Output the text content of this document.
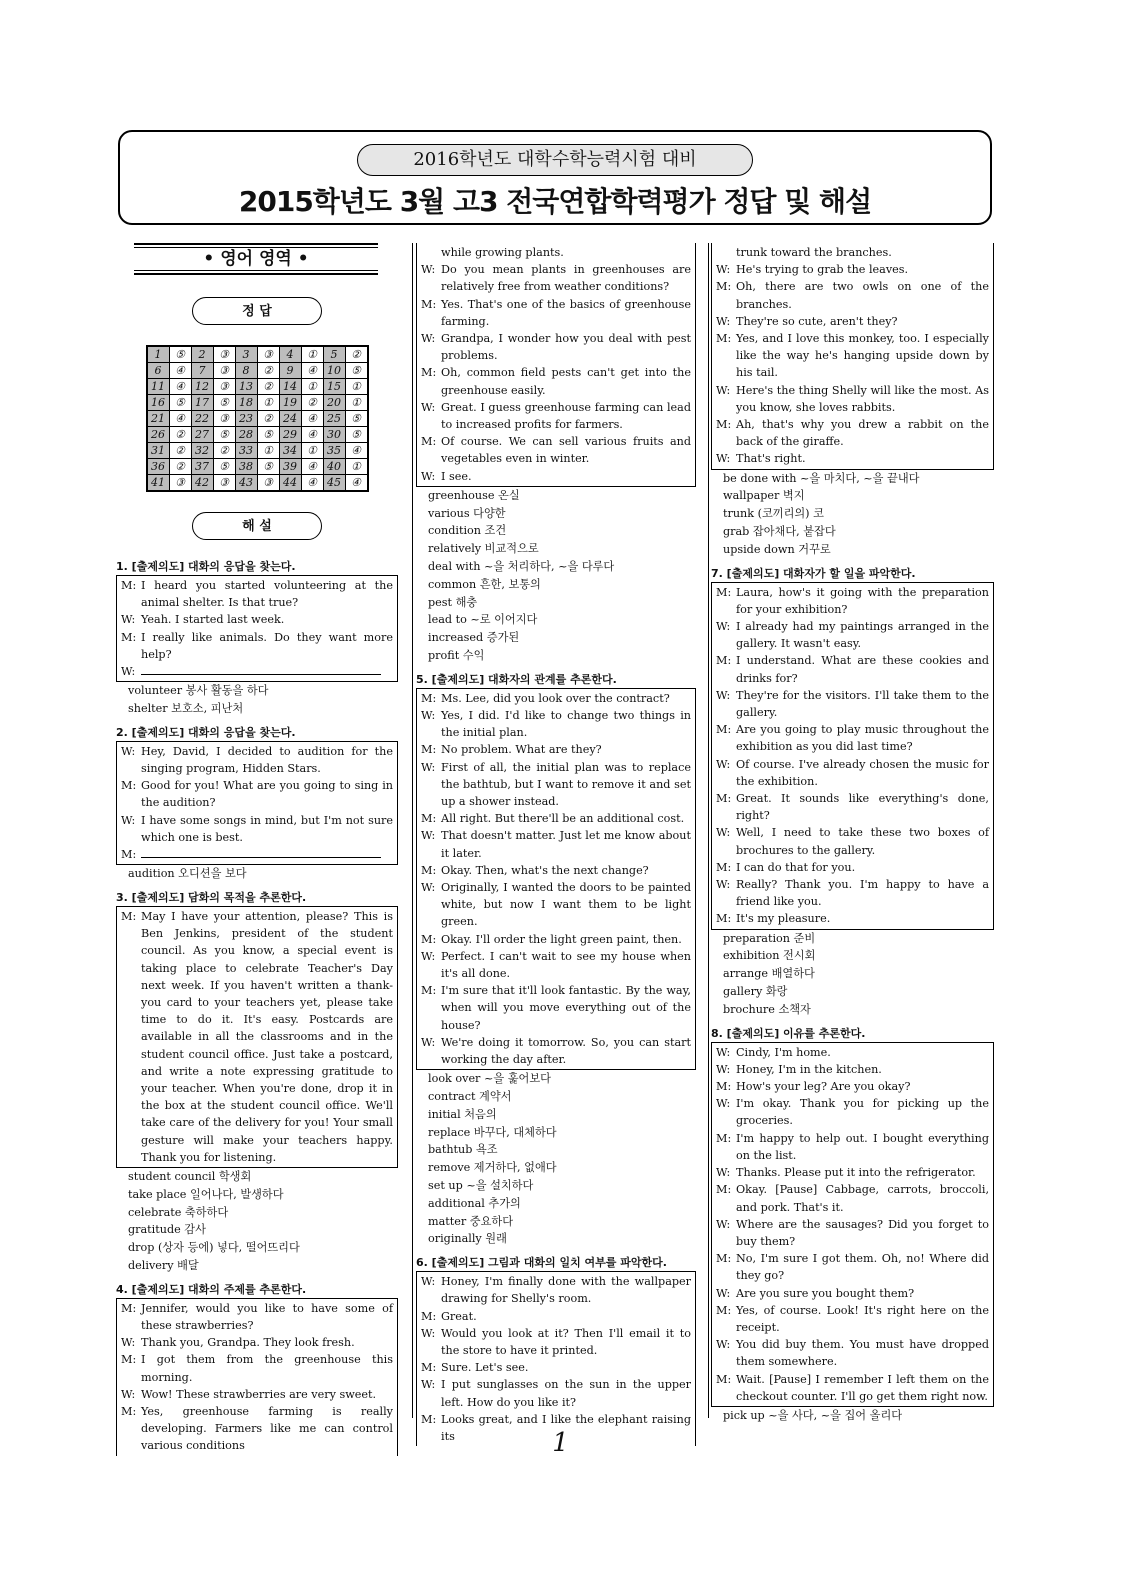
2016학년도 대학수학능력시험 대비
2015학년도 3월 고3 전국연합학력평가 정답 및 해설
• 영어 영역 •
정 답
1	⑤	2	③	3	③	4	①	5	②
6	④	7	③	8	②	9	④	10	⑤
11	④	12	③	13	②	14	①	15	①
16	⑤	17	⑤	18	①	19	②	20	①
21	④	22	③	23	②	24	④	25	⑤
26	②	27	⑤	28	⑤	29	④	30	⑤
31	②	32	②	33	①	34	①	35	④
36	②	37	⑤	38	⑤	39	④	40	①
41	③	42	③	43	③	44	④	45	④
해 설
1. [출제의도] 대화의 응답을 찾는다.
M: I heard you started volunteering at the animal shelter. Is that true?
W: Yeah. I started last week.
M: I really like animals. Do they want more help?
W:
volunteer 봉사 활동을 하다
shelter 보호소, 피난처
2. [출제의도] 대화의 응답을 찾는다.
W: Hey, David, I decided to audition for the singing program, Hidden Stars.
M: Good for you! What are you going to sing in the audition?
W: I have some songs in mind, but I'm not sure which one is best.
M:
audition 오디션을 보다
3. [출제의도] 담화의 목적을 추론한다.
M: May I have your attention, please? This is Ben Jenkins, president of the student council. As you know, a special event is taking place to celebrate Teacher's Day next week. If you haven't written a thank-you card to your teachers yet, please take time to do it. It's easy. Postcards are available in all the classrooms and in the student council office. Just take a postcard, and write a note expressing gratitude to your teacher. When you're done, drop it in the box at the student council office. We'll take care of the delivery for you! Your small gesture will make your teachers happy. Thank you for listening.
student council 학생회
take place 일어나다, 발생하다
celebrate 축하하다
gratitude 감사
drop (상자 등에) 넣다, 떨어뜨리다
delivery 배달
4. [출제의도] 대화의 주제를 추론한다.
M: Jennifer, would you like to have some of these strawberries?
W: Thank you, Grandpa. They look fresh.
M: I got them from the greenhouse this morning.
W: Wow! These strawberries are very sweet.
M: Yes, greenhouse farming is really developing. Farmers like me can control various conditions
while growing plants.
W: Do you mean plants in greenhouses are relatively free from weather conditions?
M: Yes. That's one of the basics of greenhouse farming.
W: Grandpa, I wonder how you deal with pest problems.
M: Oh, common field pests can't get into the greenhouse easily.
W: Great. I guess greenhouse farming can lead to increased profits for farmers.
M: Of course. We can sell various fruits and vegetables even in winter.
W: I see.
greenhouse 온실
various 다양한
condition 조건
relatively 비교적으로
deal with ~을 처리하다, ~을 다루다
common 흔한, 보통의
pest 해충
lead to ~로 이어지다
increased 증가된
profit 수익
5. [출제의도] 대화자의 관계를 추론한다.
M: Ms. Lee, did you look over the contract?
W: Yes, I did. I'd like to change two things in the initial plan.
M: No problem. What are they?
W: First of all, the initial plan was to replace the bathtub, but I want to remove it and set up a shower instead.
M: All right. But there'll be an additional cost.
W: That doesn't matter. Just let me know about it later.
M: Okay. Then, what's the next change?
W: Originally, I wanted the doors to be painted white, but now I want them to be light green.
M: Okay. I'll order the light green paint, then.
W: Perfect. I can't wait to see my house when it's all done.
M: I'm sure that it'll look fantastic. By the way, when will you move everything out of the house?
W: We're doing it tomorrow. So, you can start working the day after.
look over ~을 훑어보다
contract 계약서
initial 처음의
replace 바꾸다, 대체하다
bathtub 욕조
remove 제거하다, 없애다
set up ~을 설치하다
additional 추가의
matter 중요하다
originally 원래
6. [출제의도] 그림과 대화의 일치 여부를 파악한다.
W: Honey, I'm finally done with the wallpaper drawing for Shelly's room.
M: Great.
W: Would you look at it? Then I'll email it to the store to have it printed.
M: Sure. Let's see.
W: I put sunglasses on the sun in the upper left. How do you like it?
M: Looks great, and I like the elephant raising its
trunk toward the branches.
W: He's trying to grab the leaves.
M: Oh, there are two owls on one of the branches.
W: They're so cute, aren't they?
M: Yes, and I love this monkey, too. I especially like the way he's hanging upside down by his tail.
W: Here's the thing Shelly will like the most. As you know, she loves rabbits.
M: Ah, that's why you drew a rabbit on the back of the giraffe.
W: That's right.
be done with ~을 마치다, ~을 끝내다
wallpaper 벽지
trunk (코끼리의) 코
grab 잡아채다, 붙잡다
upside down 거꾸로
7. [출제의도] 대화자가 할 일을 파악한다.
M: Laura, how's it going with the preparation for your exhibition?
W: I already had my paintings arranged in the gallery. It wasn't easy.
M: I understand. What are these cookies and drinks for?
W: They're for the visitors. I'll take them to the gallery.
M: Are you going to play music throughout the exhibition as you did last time?
W: Of course. I've already chosen the music for the exhibition.
M: Great. It sounds like everything's done, right?
W: Well, I need to take these two boxes of brochures to the gallery.
M: I can do that for you.
W: Really? Thank you. I'm happy to have a friend like you.
M: It's my pleasure.
preparation 준비
exhibition 전시회
arrange 배열하다
gallery 화랑
brochure 소책자
8. [출제의도] 이유를 추론한다.
W: Cindy, I'm home.
W: Honey, I'm in the kitchen.
M: How's your leg? Are you okay?
W: I'm okay. Thank you for picking up the groceries.
M: I'm happy to help out. I bought everything on the list.
W: Thanks. Please put it into the refrigerator.
M: Okay. [Pause] Cabbage, carrots, broccoli, and pork. That's it.
W: Where are the sausages? Did you forget to buy them?
M: No, I'm sure I got them. Oh, no! Where did they go?
W: Are you sure you bought them?
M: Yes, of course. Look! It's right here on the receipt.
W: You did buy them. You must have dropped them somewhere.
M: Wait. [Pause] I remember I left them on the checkout counter. I'll go get them right now.
pick up ~을 사다, ~을 집어 올리다
1
